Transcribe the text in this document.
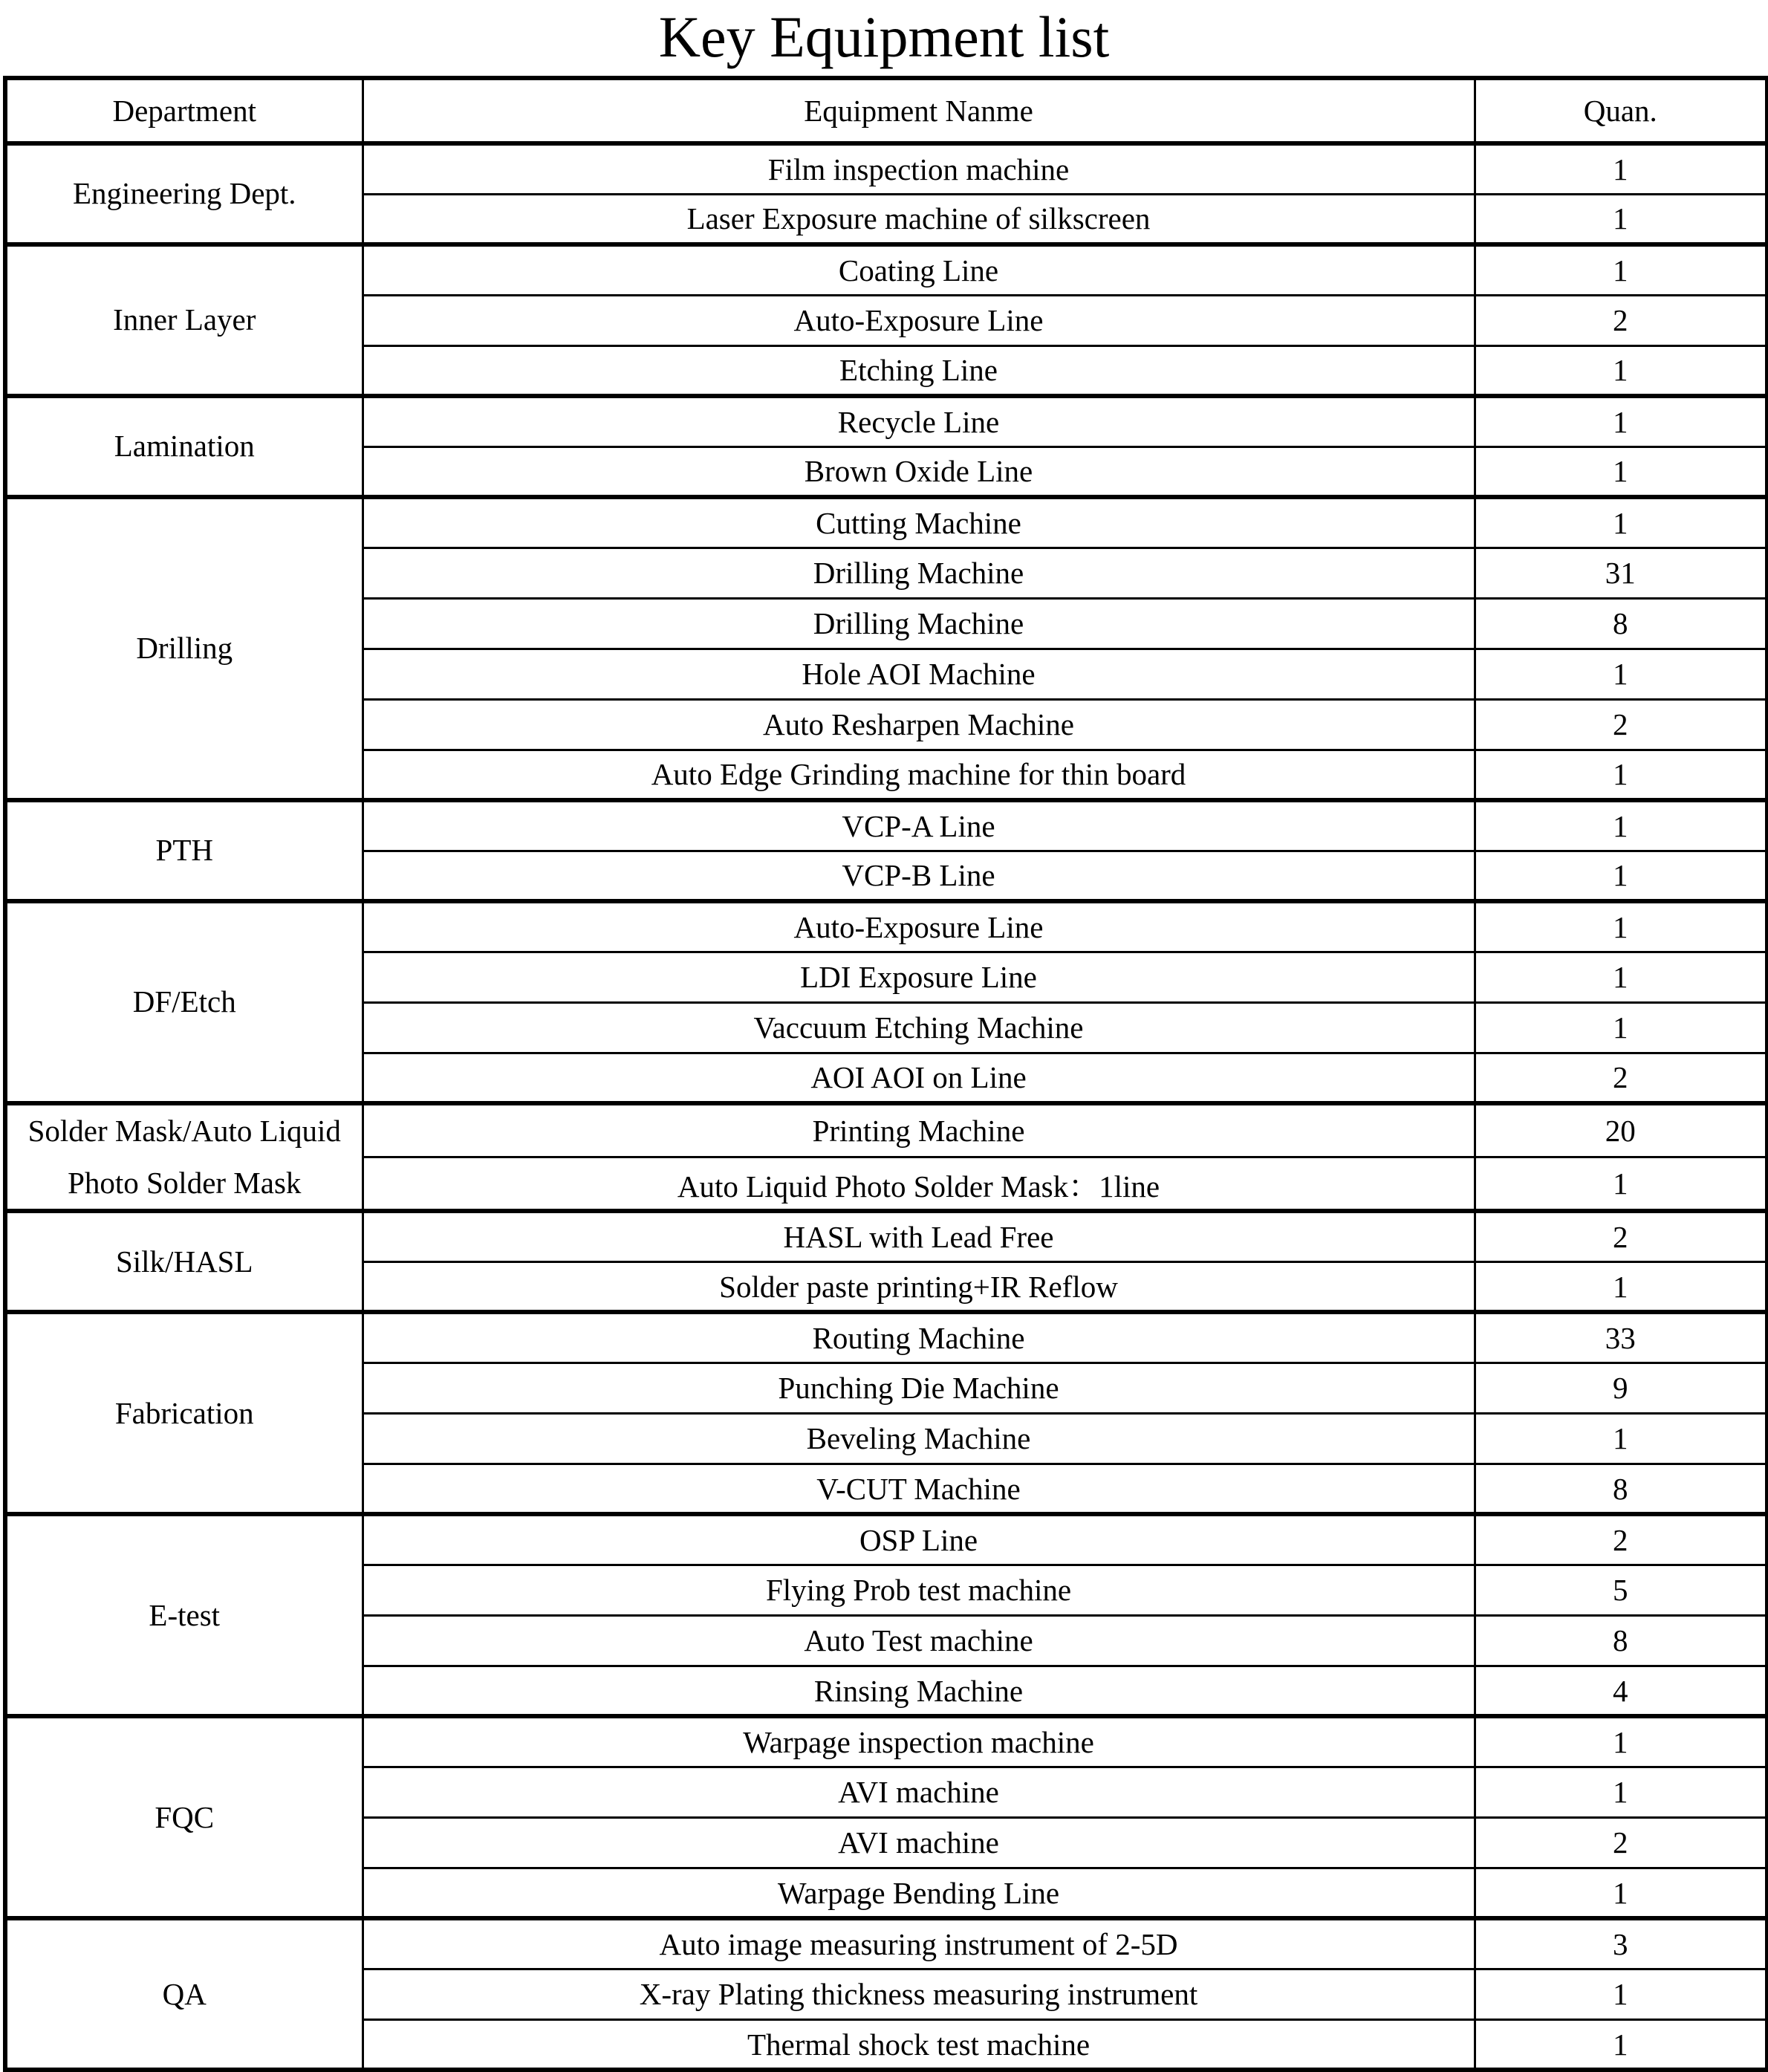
Key Equipment list
Department	Equipment Nanme	Quan.
Engineering Dept.	Film inspection machine	1
	Laser Exposure machine of silkscreen	1
Inner Layer	Coating Line	1
	Auto-Exposure Line	2
	Etching Line	1
Lamination	Recycle Line	1
	Brown Oxide Line	1
Drilling	Cutting Machine	1
	Drilling Machine	31
	Drilling Machine	8
	Hole AOI Machine	1
	Auto Resharpen Machine	2
	Auto Edge Grinding machine for thin board	1
PTH	VCP-A Line	1
	VCP-B Line	1
DF/Etch	Auto-Exposure Line	1
	LDI Exposure Line	1
	Vaccuum Etching Machine	1
	AOI AOI on Line	2
Solder Mask/Auto Liquid Photo Solder Mask	Printing Machine	20
	Auto Liquid Photo Solder Mask：1line	1
Silk/HASL	HASL with Lead Free	2
	Solder paste printing+IR Reflow	1
Fabrication	Routing Machine	33
	Punching Die Machine	9
	Beveling Machine	1
	V-CUT Machine	8
E-test	OSP Line	2
	Flying Prob test machine	5
	Auto Test machine	8
	Rinsing Machine	4
FQC	Warpage inspection machine	1
	AVI machine	1
	AVI machine	2
	Warpage Bending Line	1
QA	Auto image measuring instrument of 2-5D	3
	X-ray Plating thickness measuring instrument	1
	Thermal shock test machine	1
